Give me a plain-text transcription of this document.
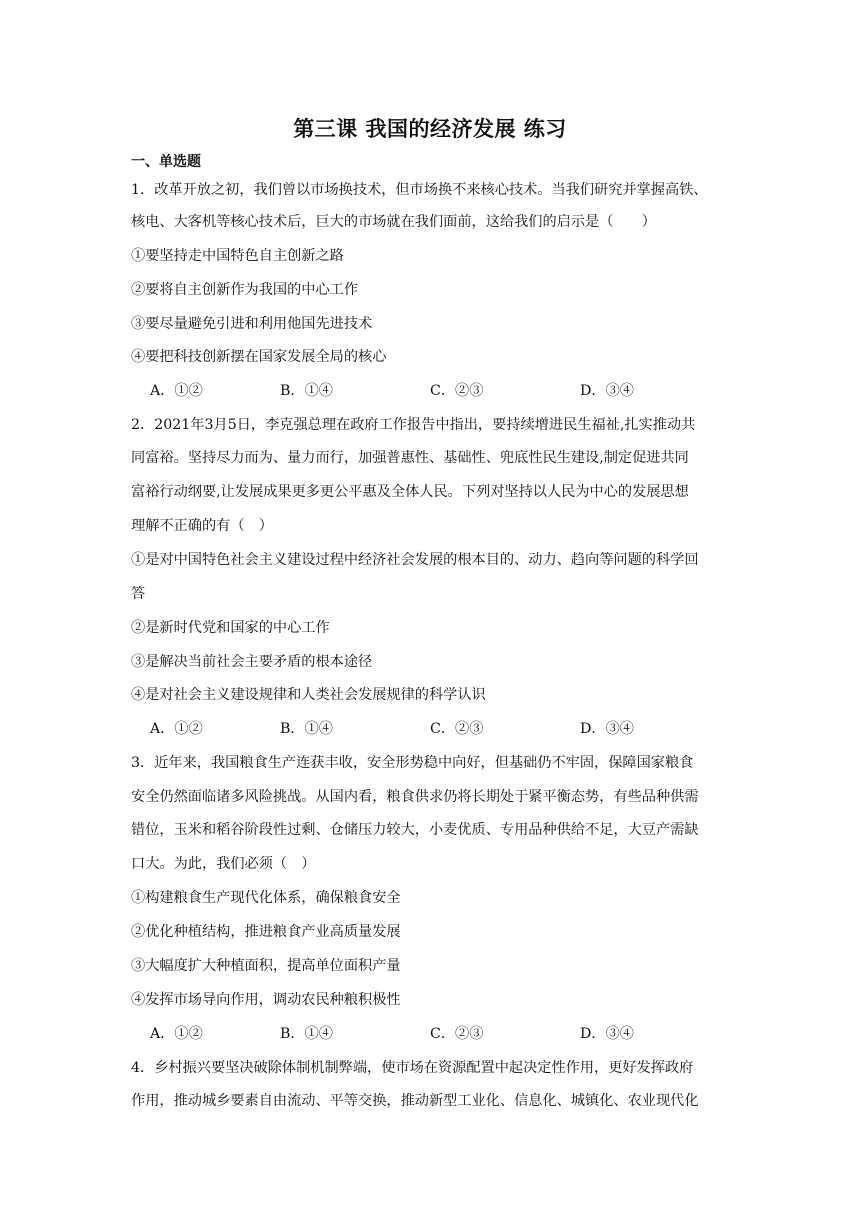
第三课 我国的经济发展 练习
一、单选题
1．改革开放之初，我们曾以市场换技术，但市场换不来核心技术。当我们研究并掌握高铁、
核电、大客机等核心技术后，巨大的市场就在我们面前，这给我们的启示是（　　）
①要坚持走中国特色自主创新之路
②要将自主创新作为我国的中心工作
③要尽量避免引进和利用他国先进技术
④要把科技创新摆在国家发展全局的核心
A．①②	B．①④	C．②③	D．③④
2．2021年3月5日，李克强总理在政府工作报告中指出，要持续增进民生福祉,扎实推动共
同富裕。坚持尽力而为、量力而行，加强普惠性、基础性、兜底性民生建设,制定促进共同
富裕行动纲要,让发展成果更多更公平惠及全体人民。下列对坚持以人民为中心的发展思想
理解不正确的有（　）
①是对中国特色社会主义建设过程中经济社会发展的根本目的、动力、趋向等问题的科学回
答
②是新时代党和国家的中心工作
③是解决当前社会主要矛盾的根本途径
④是对社会主义建设规律和人类社会发展规律的科学认识
A．①②	B．①④	C．②③	D．③④
3．近年来，我国粮食生产连获丰收，安全形势稳中向好，但基础仍不牢固，保障国家粮食
安全仍然面临诸多风险挑战。从国内看，粮食供求仍将长期处于紧平衡态势，有些品种供需
错位，玉米和稻谷阶段性过剩、仓储压力较大，小麦优质、专用品种供给不足，大豆产需缺
口大。为此，我们必须（　）
①构建粮食生产现代化体系，确保粮食安全
②优化种植结构，推进粮食产业高质量发展
③大幅度扩大种植面积，提高单位面积产量
④发挥市场导向作用，调动农民种粮积极性
A．①②	B．①④	C．②③	D．③④
4．乡村振兴要坚决破除体制机制弊端，使市场在资源配置中起决定性作用，更好发挥政府
作用，推动城乡要素自由流动、平等交换，推动新型工业化、信息化、城镇化、农业现代化
